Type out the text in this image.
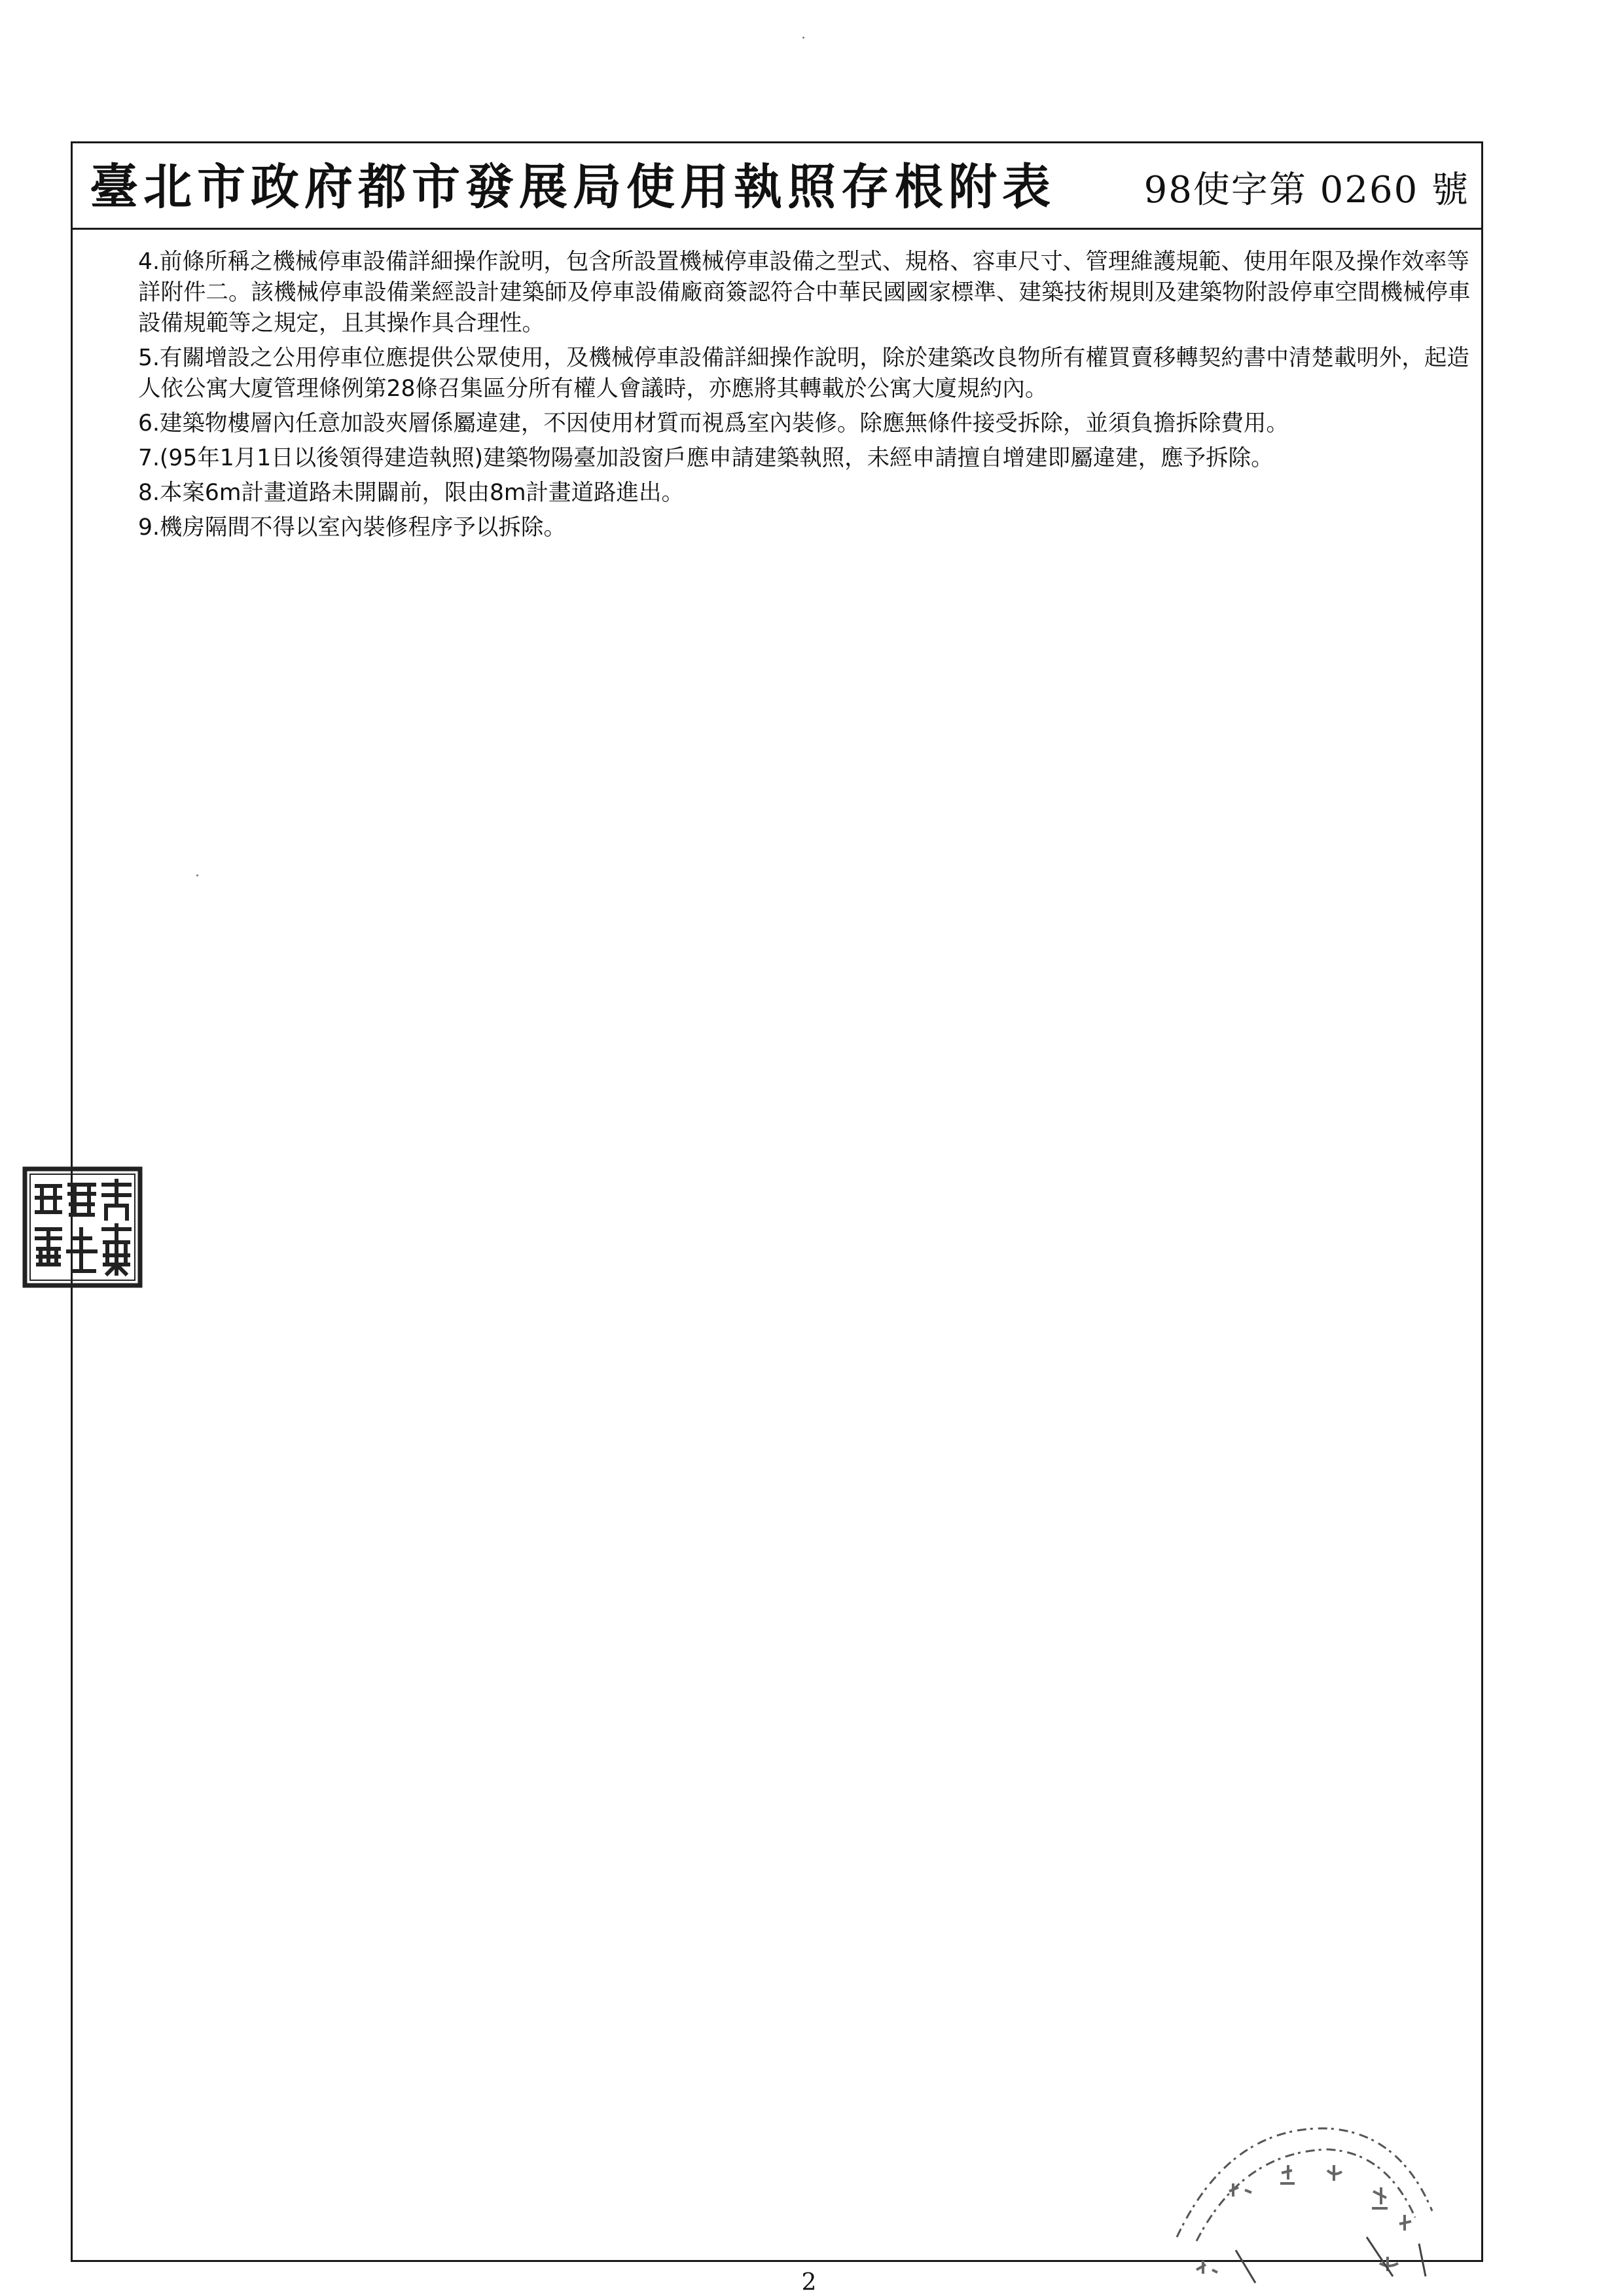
臺北市政府都市發展局使用執照存根附表 98使字第 0260 號
4.前條所稱之機械停車設備詳細操作說明，包含所設置機械停車設備之型式、規格、容車尺寸、管理維護規範、使用年限及操作效率等詳附件二。該機械停車設備業經設計建築師及停車設備廠商簽認符合中華民國國家標準、建築技術規則及建築物附設停車空間機械停車設備規範等之規定，且其操作具合理性。
5.有關增設之公用停車位應提供公眾使用，及機械停車設備詳細操作說明，除於建築改良物所有權買賣移轉契約書中清楚載明外，起造人依公寓大廈管理條例第28條召集區分所有權人會議時，亦應將其轉載於公寓大廈規約內。
6.建築物樓層內任意加設夾層係屬違建，不因使用材質而視爲室內裝修。除應無條件接受拆除，並須負擔拆除費用。
7.(95年1月1日以後領得建造執照)建築物陽臺加設窗戶應申請建築執照，未經申請擅自增建即屬違建，應予拆除。
8.本案6m計畫道路未開闢前，限由8m計畫道路進出。
9.機房隔間不得以室內裝修程序予以拆除。
2
